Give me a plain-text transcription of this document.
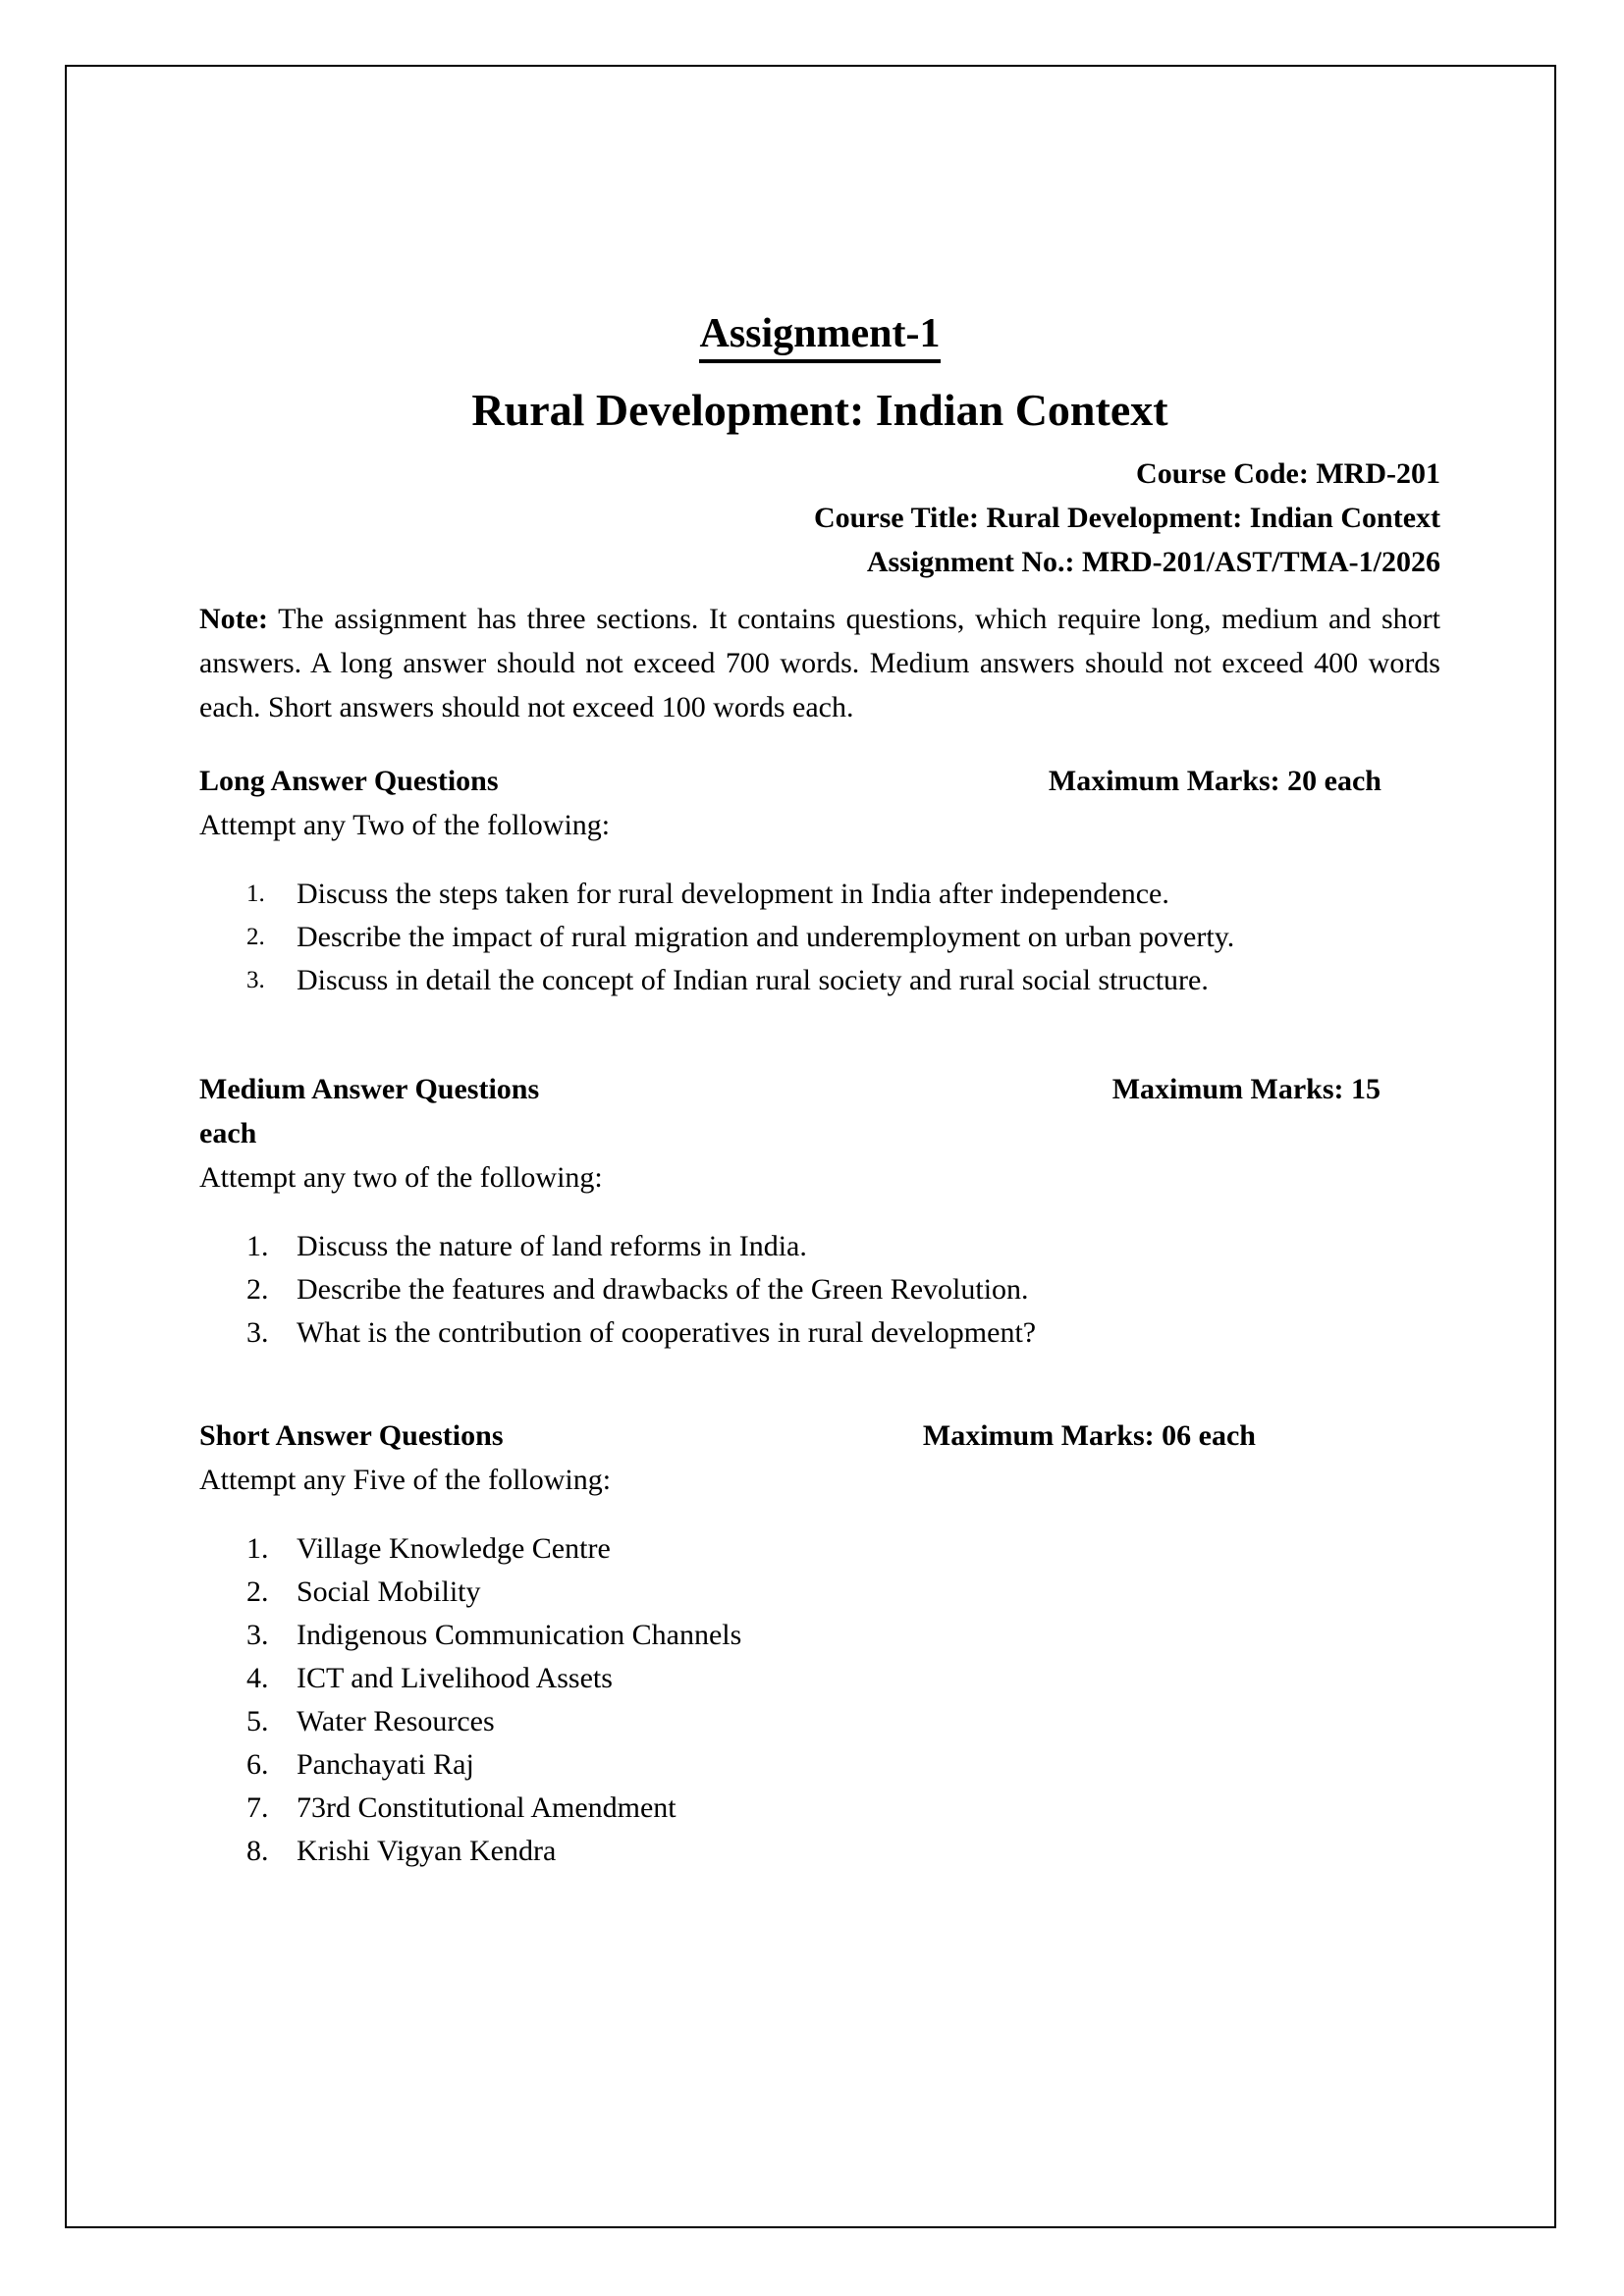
Assignment-1
Rural Development: Indian Context
Course Code: MRD-201
Course Title: Rural Development: Indian Context
Assignment No.: MRD-201/AST/TMA-1/2026

Note: The assignment has three sections. It contains questions, which require long, medium and short answers. A long answer should not exceed 700 words. Medium answers should not exceed 400 words each. Short answers should not exceed 100 words each.

Long Answer Questions	Maximum Marks: 20 each
Attempt any Two of the following:
Discuss the steps taken for rural development in India after independence.
Describe the impact of rural migration and underemployment on urban poverty.
Discuss in detail the concept of Indian rural society and rural social structure.
Medium Answer Questions	Maximum Marks: 15
each
Attempt any two of the following:
Discuss the nature of land reforms in India.
Describe the features and drawbacks of the Green Revolution.
What is the contribution of cooperatives in rural development?
Short Answer Questions	Maximum Marks: 06 each
Attempt any Five of the following:
Village Knowledge Centre
Social Mobility
Indigenous Communication Channels
ICT and Livelihood Assets
Water Resources
Panchayati Raj
73rd Constitutional Amendment
Krishi Vigyan Kendra
